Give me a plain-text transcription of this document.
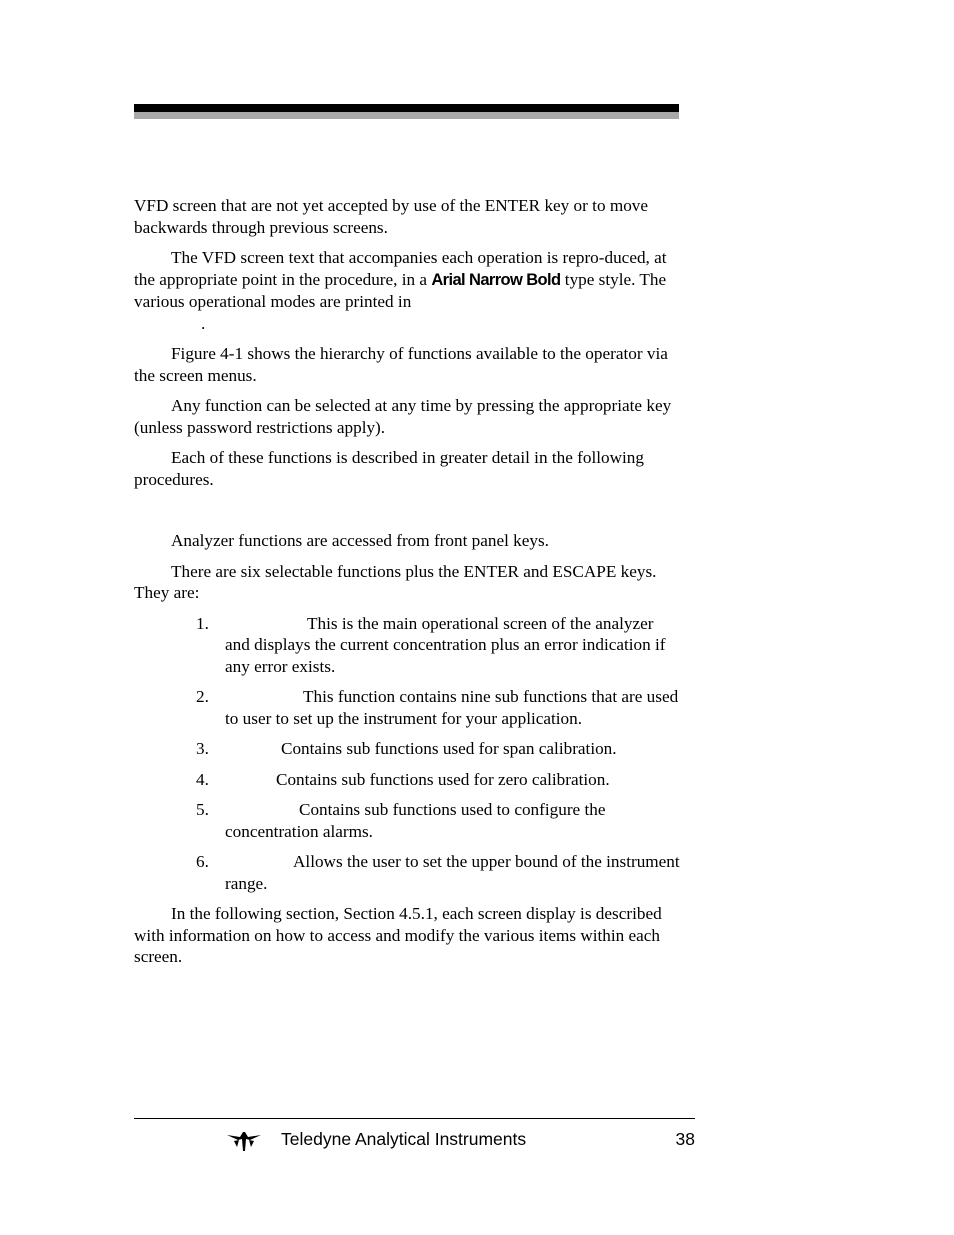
VFD screen that are not yet accepted by use of the ENTER key or to move backwards through previous screens.

The VFD screen text that accompanies each operation is repro-duced, at the appropriate point in the procedure, in a Arial Narrow Bold type style. The various operational modes are printed in
.

Figure 4-1 shows the hierarchy of functions available to the operator via the screen menus.

Any function can be selected at any time by pressing the appropriate key (unless password restrictions apply).

Each of these functions is described in greater detail in the following procedures.

Analyzer functions are accessed from front panel keys.

There are six selectable functions plus the ENTER and ESCAPE keys. They are:

1.	This is the main operational screen of the analyzer and displays the current concentration plus an error indication if any error exists.
2.	This function contains nine sub functions that are used to user to set up the instrument for your application.
3.	Contains sub functions used for span calibration.
4.	Contains sub functions used for zero calibration.
5.	Contains sub functions used to configure the concentration alarms.
6.	Allows the user to set the upper bound of the instrument range.

In the following section, Section 4.5.1, each screen display is described with information on how to access and modify the various items within each screen.

Teledyne Analytical Instruments	38
